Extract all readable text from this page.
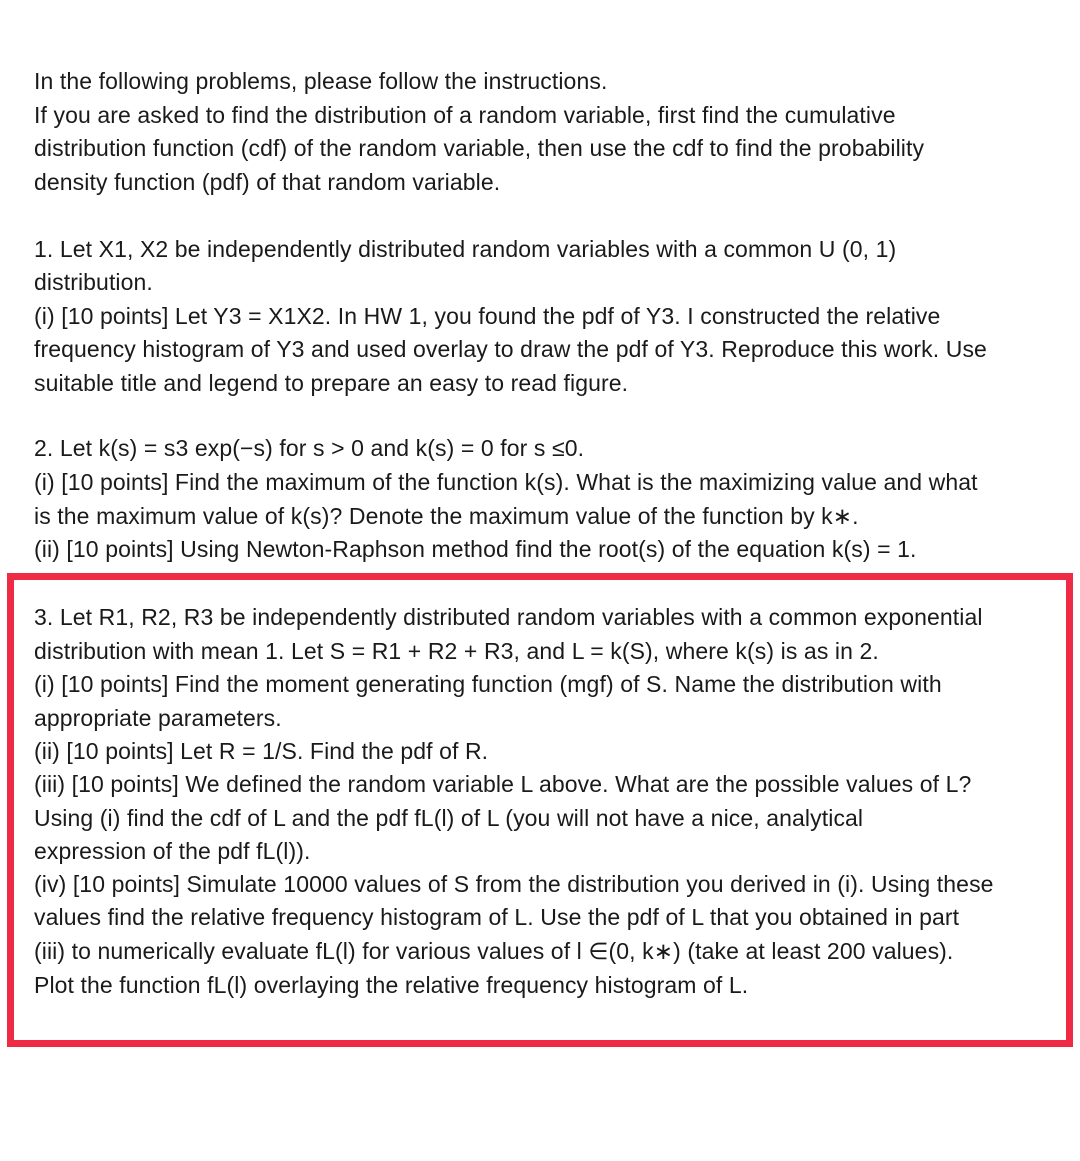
In the following problems, please follow the instructions.
If you are asked to find the distribution of a random variable, first find the cumulative
distribution function (cdf) of the random variable, then use the cdf to find the probability
density function (pdf) of that random variable.
1. Let X1, X2 be independently distributed random variables with a common U (0, 1)
distribution.
(i) [10 points] Let Y3 = X1X2. In HW 1, you found the pdf of Y3. I constructed the relative
frequency histogram of Y3 and used overlay to draw the pdf of Y3. Reproduce this work. Use
suitable title and legend to prepare an easy to read figure.
2. Let k(s) = s3 exp(−s) for s > 0 and k(s) = 0 for s ≤0.
(i) [10 points] Find the maximum of the function k(s). What is the maximizing value and what
is the maximum value of k(s)? Denote the maximum value of the function by k∗.
(ii) [10 points] Using Newton-Raphson method find the root(s) of the equation k(s) = 1.
3. Let R1, R2, R3 be independently distributed random variables with a common exponential
distribution with mean 1. Let S = R1 + R2 + R3, and L = k(S), where k(s) is as in 2.
(i) [10 points] Find the moment generating function (mgf) of S. Name the distribution with
appropriate parameters.
(ii) [10 points] Let R = 1/S. Find the pdf of R.
(iii) [10 points] We defined the random variable L above. What are the possible values of L?
Using (i) find the cdf of L and the pdf fL(l) of L (you will not have a nice, analytical
expression of the pdf fL(l)).
(iv) [10 points] Simulate 10000 values of S from the distribution you derived in (i). Using these
values find the relative frequency histogram of L. Use the pdf of L that you obtained in part
(iii) to numerically evaluate fL(l) for various values of l ∈(0, k∗) (take at least 200 values).
Plot the function fL(l) overlaying the relative frequency histogram of L.
